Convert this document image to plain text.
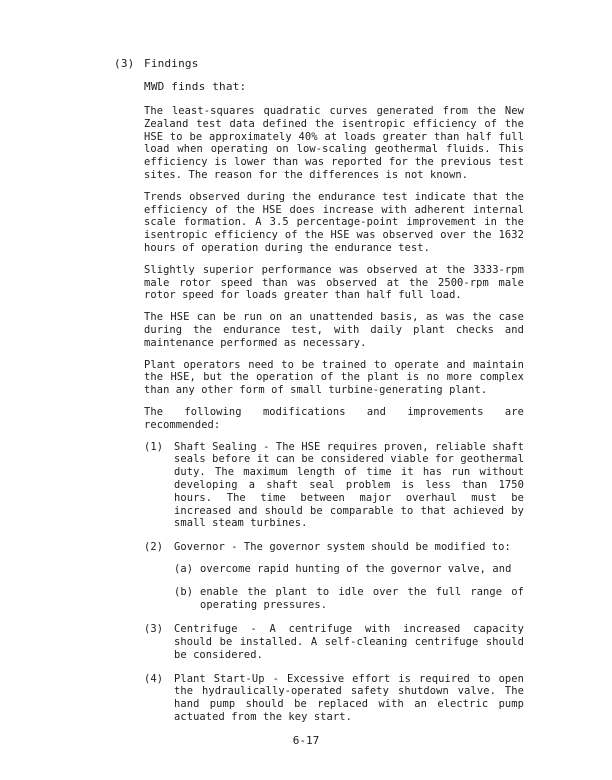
(3) Findings
MWD finds that:

The least-squares quadratic curves generated from the New Zealand test data defined the isentropic efficiency of the HSE to be approximately 40% at loads greater than half full load when operating on low-scaling geothermal fluids. This efficiency is lower than was reported for the previous test sites. The reason for the differences is not known.

Trends observed during the endurance test indicate that the efficiency of the HSE does increase with adherent internal scale formation. A 3.5 percentage-point improvement in the isentropic efficiency of the HSE was observed over the 1632 hours of operation during the endurance test.

Slightly superior performance was observed at the 3333-rpm male rotor speed than was observed at the 2500-rpm male rotor speed for loads greater than half full load.

The HSE can be run on an unattended basis, as was the case during the endurance test, with daily plant checks and maintenance performed as necessary.

Plant operators need to be trained to operate and maintain the HSE, but the operation of the plant is no more complex than any other form of small turbine-generating plant.

The following modifications and improvements are recommended:

(1) Shaft Sealing - The HSE requires proven, reliable shaft seals before it can be considered viable for geothermal duty. The maximum length of time it has run without developing a shaft seal problem is less than 1750 hours. The time between major overhaul must be increased and should be comparable to that achieved by small steam turbines.
(2) Governor - The governor system should be modified to:
(a) overcome rapid hunting of the governor valve, and
(b) enable the plant to idle over the full range of operating pressures.
(3) Centrifuge - A centrifuge with increased capacity should be installed. A self-cleaning centrifuge should be considered.
(4) Plant Start-Up - Excessive effort is required to open the hydraulically-operated safety shutdown valve. The hand pump should be replaced with an electric pump actuated from the key start.
6-17
